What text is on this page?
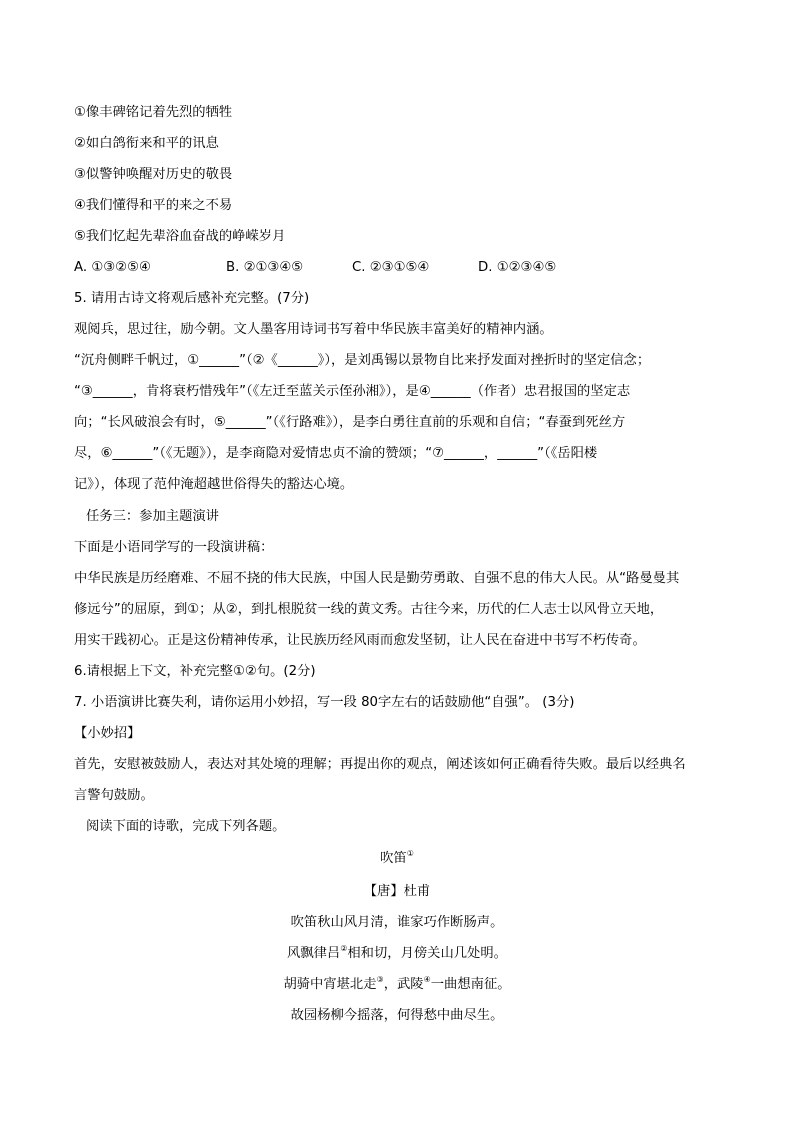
①像丰碑铭记着先烈的牺牲
②如白鸽衔来和平的讯息
③似警钟唤醒对历史的敬畏
④我们懂得和平的来之不易
⑤我们忆起先辈浴血奋战的峥嵘岁月
A. ①③②⑤④	B. ②①③④⑤	C. ②③①⑤④	D. ①②③④⑤
5. 请用古诗文将观后感补充完整。(7分)
观阅兵，思过往，励今朝。文人墨客用诗词书写着中华民族丰富美好的精神内涵。
“沉舟侧畔千帆过，①______”（②《______》），是刘禹锡以景物自比来抒发面对挫折时的坚定信念；
“③______，肯将衰朽惜残年”（《左迁至蓝关示侄孙湘》），是④______（作者）忠君报国的坚定志
向；“长风破浪会有时，⑤______”（《行路难》），是李白勇往直前的乐观和自信；“春蚕到死丝方
尽，⑥______”（《无题》），是李商隐对爱情忠贞不渝的赞颂；“⑦______，______”（《岳阳楼
记》），体现了范仲淹超越世俗得失的豁达心境。
任务三：参加主题演讲
下面是小语同学写的一段演讲稿：
中华民族是历经磨难、不屈不挠的伟大民族，中国人民是勤劳勇敢、自强不息的伟大人民。从“路曼曼其
修远兮”的屈原，到①；从②，到扎根脱贫一线的黄文秀。古往今来，历代的仁人志士以风骨立天地，
用实干践初心。正是这份精神传承，让民族历经风雨而愈发坚韧，让人民在奋进中书写不朽传奇。
6.请根据上下文，补充完整①②句。(2分)
7. 小语演讲比赛失利，请你运用小妙招，写一段 80字左右的话鼓励他“自强”。 (3分)
【小妙招】
首先，安慰被鼓励人，表达对其处境的理解；再提出你的观点，阐述该如何正确看待失败。最后以经典名
言警句鼓励。
阅读下面的诗歌，完成下列各题。
吹笛①
【唐】杜甫
吹笛秋山风月清，谁家巧作断肠声。
风飘律吕②相和切，月傍关山几处明。
胡骑中宵堪北走③，武陵④一曲想南征。
故园杨柳今摇落，何得愁中曲尽生。
